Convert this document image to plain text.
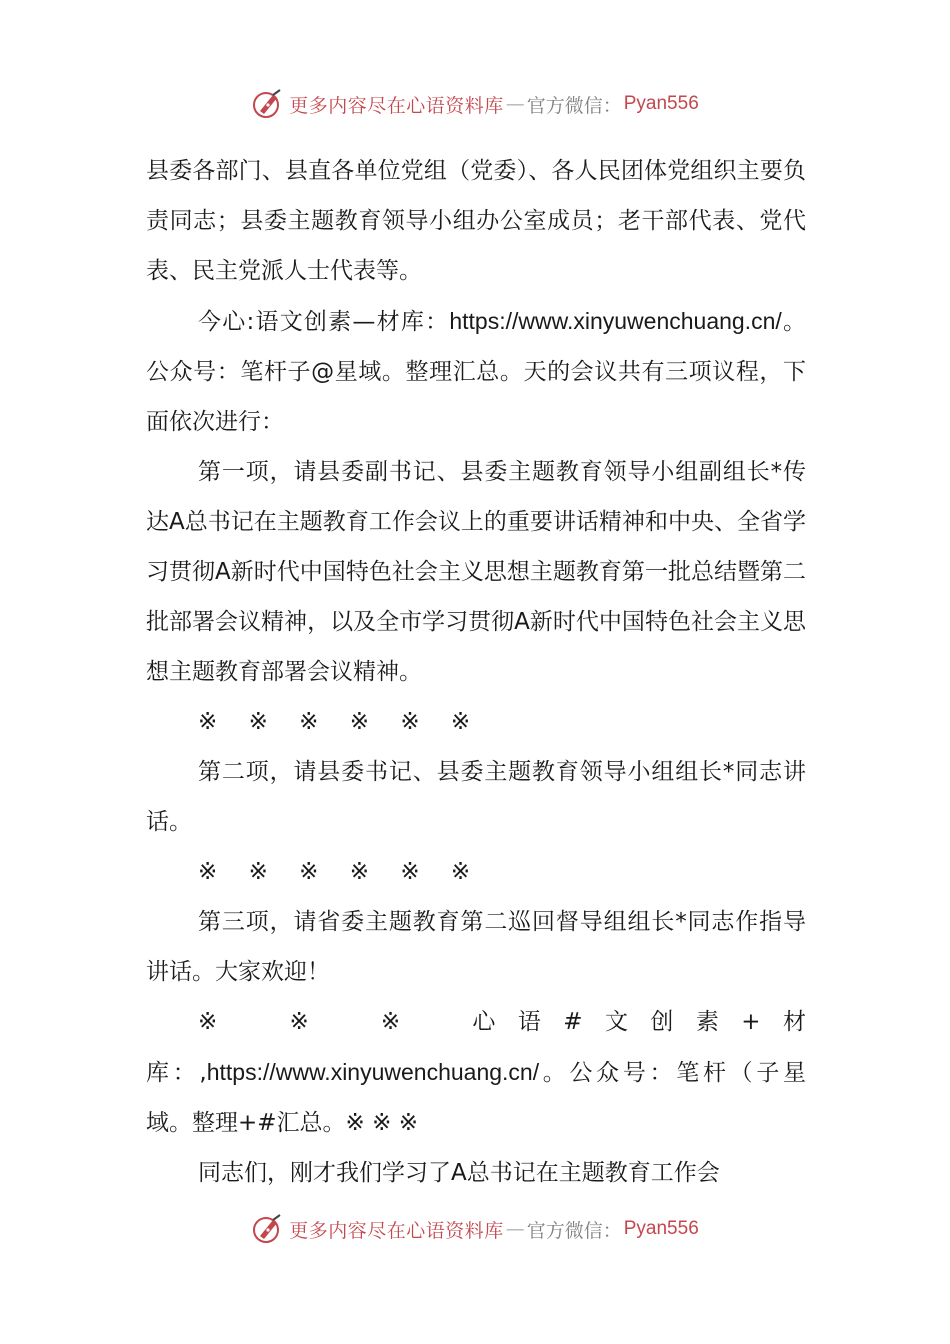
更多内容尽在心语资料库 — 官方微信： Pyan556

县委各部门、县直各单位党组（党委）、各人民团体党组织主要负责同志；县委主题教育领导小组办公室成员；老干部代表、党代表、民主党派人士代表等。

今心:语文创素—材库：https://www.xinyuwenchuang.cn/。公众号：笔杆子@星域。整理汇总。天的会议共有三项议程，下面依次进行：

第一项，请县委副书记、县委主题教育领导小组副组长*传达A总书记在主题教育工作会议上的重要讲话精神和中央、全省学习贯彻A新时代中国特色社会主义思想主题教育第一批总结暨第二批部署会议精神，以及全市学习贯彻A新时代中国特色社会主义思想主题教育部署会议精神。

※ ※ ※ ※ ※ ※

第二项，请县委书记、县委主题教育领导小组组长*同志讲话。

※ ※ ※ ※ ※ ※

第三项，请省委主题教育第二巡回督导组组长*同志作指导讲话。大家欢迎！

※ ※ ※ 心语#文创素+材

库：,https://www.xinyuwenchuang.cn/。公众号：笔杆（子星域。整理+#汇总。※ ※ ※

同志们，刚才我们学习了A总书记在主题教育工作会

更多内容尽在心语资料库 — 官方微信： Pyan556
